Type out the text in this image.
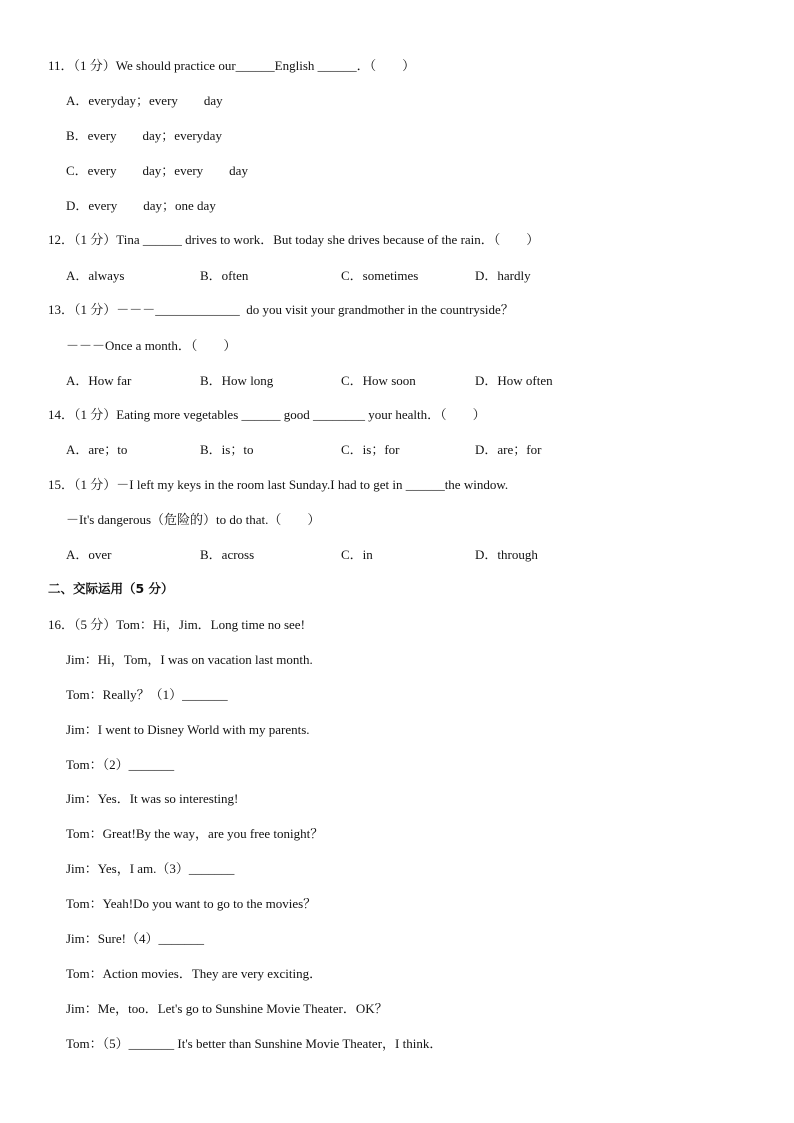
11．（1 分）We should practice our______English ______．（　　）
A．everyday；every　　day
B．every　　day；everyday
C．every　　day；every　　day
D．every　　day；one day
12．（1 分）Tina ______ drives to work．But today she drives because of the rain．（　　）
A．always	B．often	C．sometimes	D．hardly
13．（1 分）－－－_____________  do you visit your grandmother in the countryside？
－－－Once a month．（　　）
A．How far	B．How long	C．How soon	D．How often
14．（1 分）Eating more vegetables ______ good ________ your health．（　　）
A．are；to	B．is；to	C．is；for	D．are；for
15．（1 分）－I left my keys in the room last Sunday.I had to get in ______the window.
－It's dangerous（危险的）to do that.（　　）
A．over	B．across	C．in	D．through
二、交际运用（5 分）
16．（5 分）Tom：Hi，Jim．Long time no see!
Jim：Hi，Tom，I was on vacation last month.
Tom：Really？（1）_______
Jim：I went to Disney World with my parents.
Tom：（2）_______
Jim：Yes．It was so interesting!
Tom：Great!By the way，are you free tonight？
Jim：Yes，I am.（3）_______
Tom：Yeah!Do you want to go to the movies？
Jim：Sure!（4）_______
Tom：Action movies．They are very exciting．
Jim：Me，too．Let's go to Sunshine Movie Theater．OK？
Tom：（5）_______ It's better than Sunshine Movie Theater，I think．
